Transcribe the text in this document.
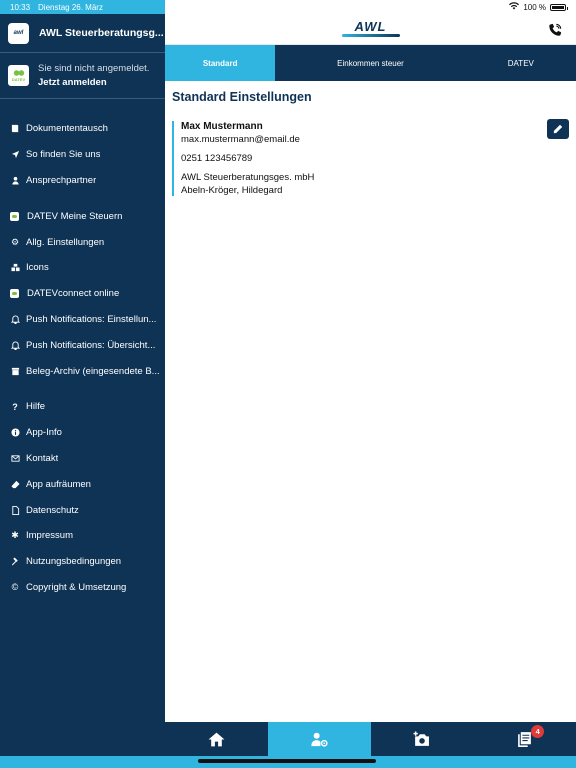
10:33 Dienstag 26. März	100 %
awl	AWL Steuerberatungsg...
DATEV
Sie sind nicht angemeldet.
Jetzt anmelden
Dokumententausch
So finden Sie uns
Ansprechpartner
DATEV Meine Steuern
⚙ Allg. Einstellungen
Icons
DATEVconnect online
Push Notifications: Einstellun...
Push Notifications: Übersicht...
Beleg-Archiv (eingesendete B...
? Hilfe
App-Info
Kontakt
App aufräumen
Datenschutz
✱ Impressum
Nutzungsbedingungen
© Copyright & Umsetzung
AWL
Standard	Einkommen steuer	DATEV
Standard Einstellungen
Max Mustermann
max.mustermann@email.de
0251 123456789
AWL Steuerberatungsges. mbH
Abeln-Kröger, Hildegard
4
